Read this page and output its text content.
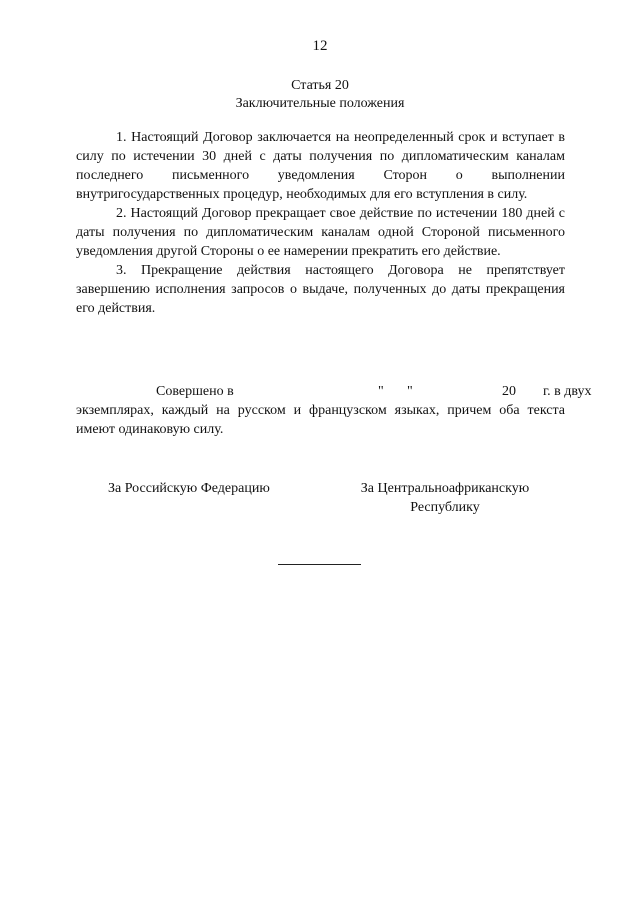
12
Статья 20
Заключительные положения

1. Настоящий Договор заключается на неопределенный срок и вступает в силу по истечении 30 дней с даты получения по дипломатическим каналам последнего письменного уведомления Сторон о выполнении внутригосударственных процедур, необходимых для его вступления в силу.

2. Настоящий Договор прекращает свое действие по истечении 180 дней с даты получения по дипломатическим каналам одной Стороной письменного уведомления другой Стороны о ее намерении прекратить его действие.

3. Прекращение действия настоящего Договора не препятствует завершению исполнения запросов о выдаче, полученных до даты прекращения его действия.

Совершено в	"	"	20	г. в двух

экземплярах, каждый на русском и французском языках, причем оба текста имеют одинаковую силу.

За Российскую Федерацию	За Центральноафриканскую
Республику
